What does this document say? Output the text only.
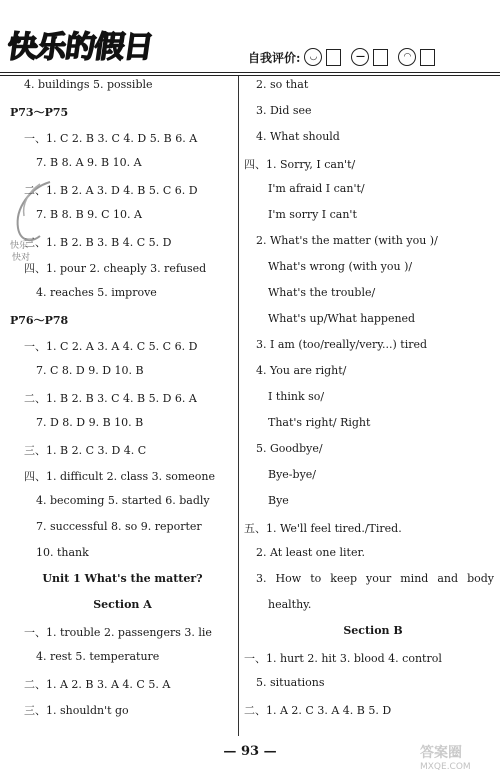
快乐的假日	自我评价:	◡	—	◠
快乐
快对
4. buildings 5. possible
P73～P75
一、1. C 2. B 3. C 4. D 5. B 6. A
7. B 8. A 9. B 10. A
二、1. B 2. A 3. D 4. B 5. C 6. D
7. B 8. B 9. C 10. A
三、1. B 2. B 3. B 4. C 5. D
四、1. pour 2. cheaply 3. refused
4. reaches 5. improve
P76～P78
一、1. C 2. A 3. A 4. C 5. C 6. D
7. C 8. D 9. D 10. B
二、1. B 2. B 3. C 4. B 5. D 6. A
7. D 8. D 9. B 10. B
三、1. B 2. C 3. D 4. C
四、1. difficult 2. class 3. someone
4. becoming 5. started 6. badly
7. successful 8. so 9. reporter
10. thank
Unit 1 What's the matter?
Section A
一、1. trouble 2. passengers 3. lie
4. rest 5. temperature
二、1. A 2. B 3. A 4. C 5. A
三、1. shouldn't go
2. so that
3. Did see
4. What should
四、1. Sorry, I can't/
I'm afraid I can't/
I'm sorry I can't
2. What's the matter (with you )/
What's wrong (with you )/
What's the trouble/
What's up/What happened
3. I am (too/really/very...) tired
4. You are right/
I think so/
That's right/ Right
5. Goodbye/
Bye-bye/
Bye
五、1. We'll feel tired./Tired.
2. At least one liter.
3. How to keep your mind and body
healthy.
Section B
一、1. hurt 2. hit 3. blood 4. control
5. situations
二、1. A 2. C 3. A 4. B 5. D
— 93 —	答案圈
MXQE.COM
